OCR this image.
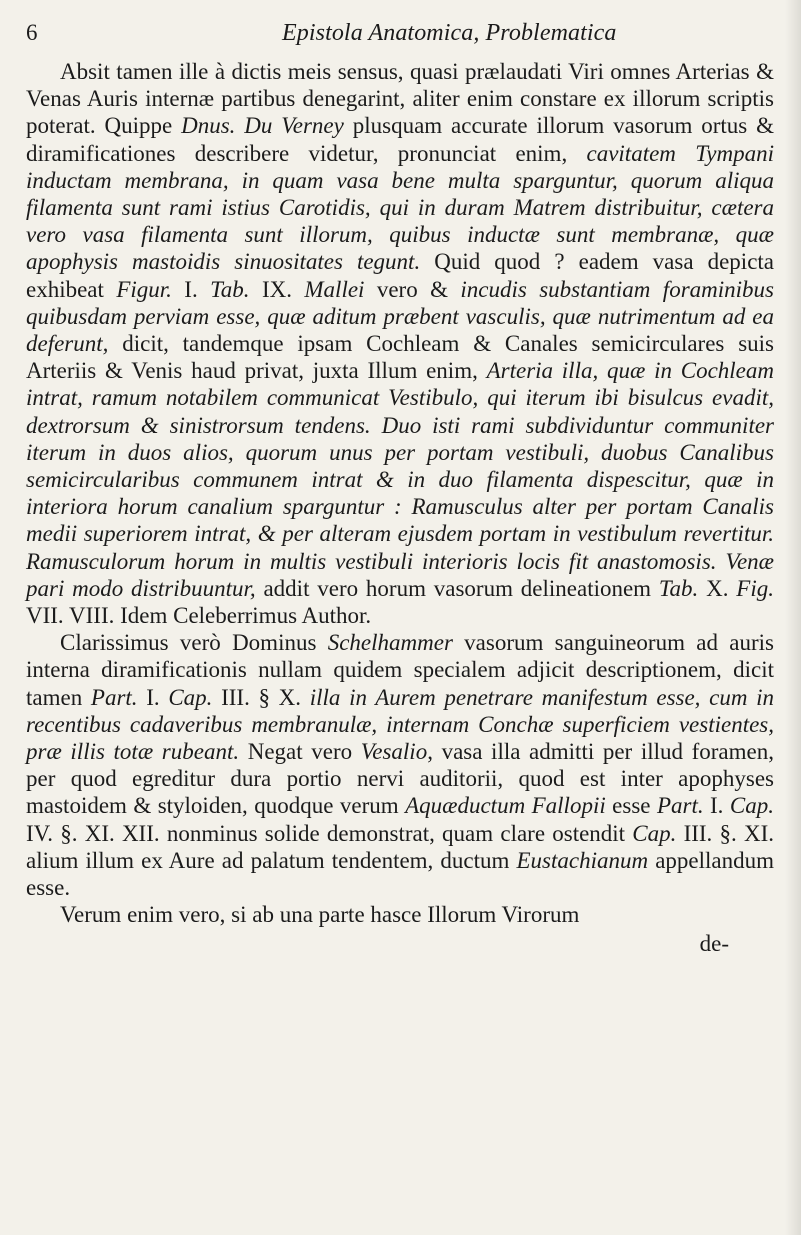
6	Epistola Anatomica, Problematica

Absit tamen ille à dictis meis sensus, quasi prælaudati Viri omnes Arterias & Venas Auris internæ partibus denegarint, aliter enim constare ex illorum scriptis poterat. Quippe Dnus. Du Verney plusquam accurate illorum vasorum ortus & diramificationes describere videtur, pronunciat enim, cavitatem Tympani inductam membrana, in quam vasa bene multa sparguntur, quorum aliqua filamenta sunt rami istius Carotidis, qui in duram Matrem distribuitur, cætera vero vasa filamenta sunt illorum, quibus inductæ sunt membranæ, quæ apophysis mastoidis sinuositates tegunt. Quid quod ? eadem vasa depicta exhibeat Figur. I. Tab. IX. Mallei vero & incudis substantiam foraminibus quibusdam perviam esse, quæ aditum præbent vasculis, quæ nutrimentum ad ea deferunt, dicit, tandemque ipsam Cochleam & Canales semicirculares suis Arteriis & Venis haud privat, juxta Illum enim, Arteria illa, quæ in Cochleam intrat, ramum notabilem communicat Vestibulo, qui iterum ibi bisulcus evadit, dextrorsum & sinistrorsum tendens. Duo isti rami subdividuntur communiter iterum in duos alios, quorum unus per portam vestibuli, duobus Canalibus semicircularibus communem intrat & in duo filamenta dispescitur, quæ in interiora horum canalium sparguntur : Ramusculus alter per portam Canalis medii superiorem intrat, & per alteram ejusdem portam in vestibulum revertitur. Ramusculorum horum in multis vestibuli interioris locis fit anastomosis. Venæ pari modo distribuuntur, addit vero horum vasorum delineationem Tab. X. Fig. VII. VIII. Idem Celeberrimus Author.

Clarissimus verò Dominus Schelhammer vasorum sanguineorum ad auris interna diramificationis nullam quidem specialem adjicit descriptionem, dicit tamen Part. I. Cap. III. § X. illa in Aurem penetrare manifestum esse, cum in recentibus cadaveribus membranulæ, internam Conchæ superficiem vestientes, præ illis totæ rubeant. Negat vero Vesalio, vasa illa admitti per illud foramen, per quod egreditur dura portio nervi auditorii, quod est inter apophyses mastoidem & styloiden, quodque verum Aquæductum Fallopii esse Part. I. Cap. IV. §. XI. XII. nonminus solide demonstrat, quam clare ostendit Cap. III. §. XI. alium illum ex Aure ad palatum tendentem, ductum Eustachianum appellandum esse.

Verum enim vero, si ab una parte hasce Illorum Virorum

de-
